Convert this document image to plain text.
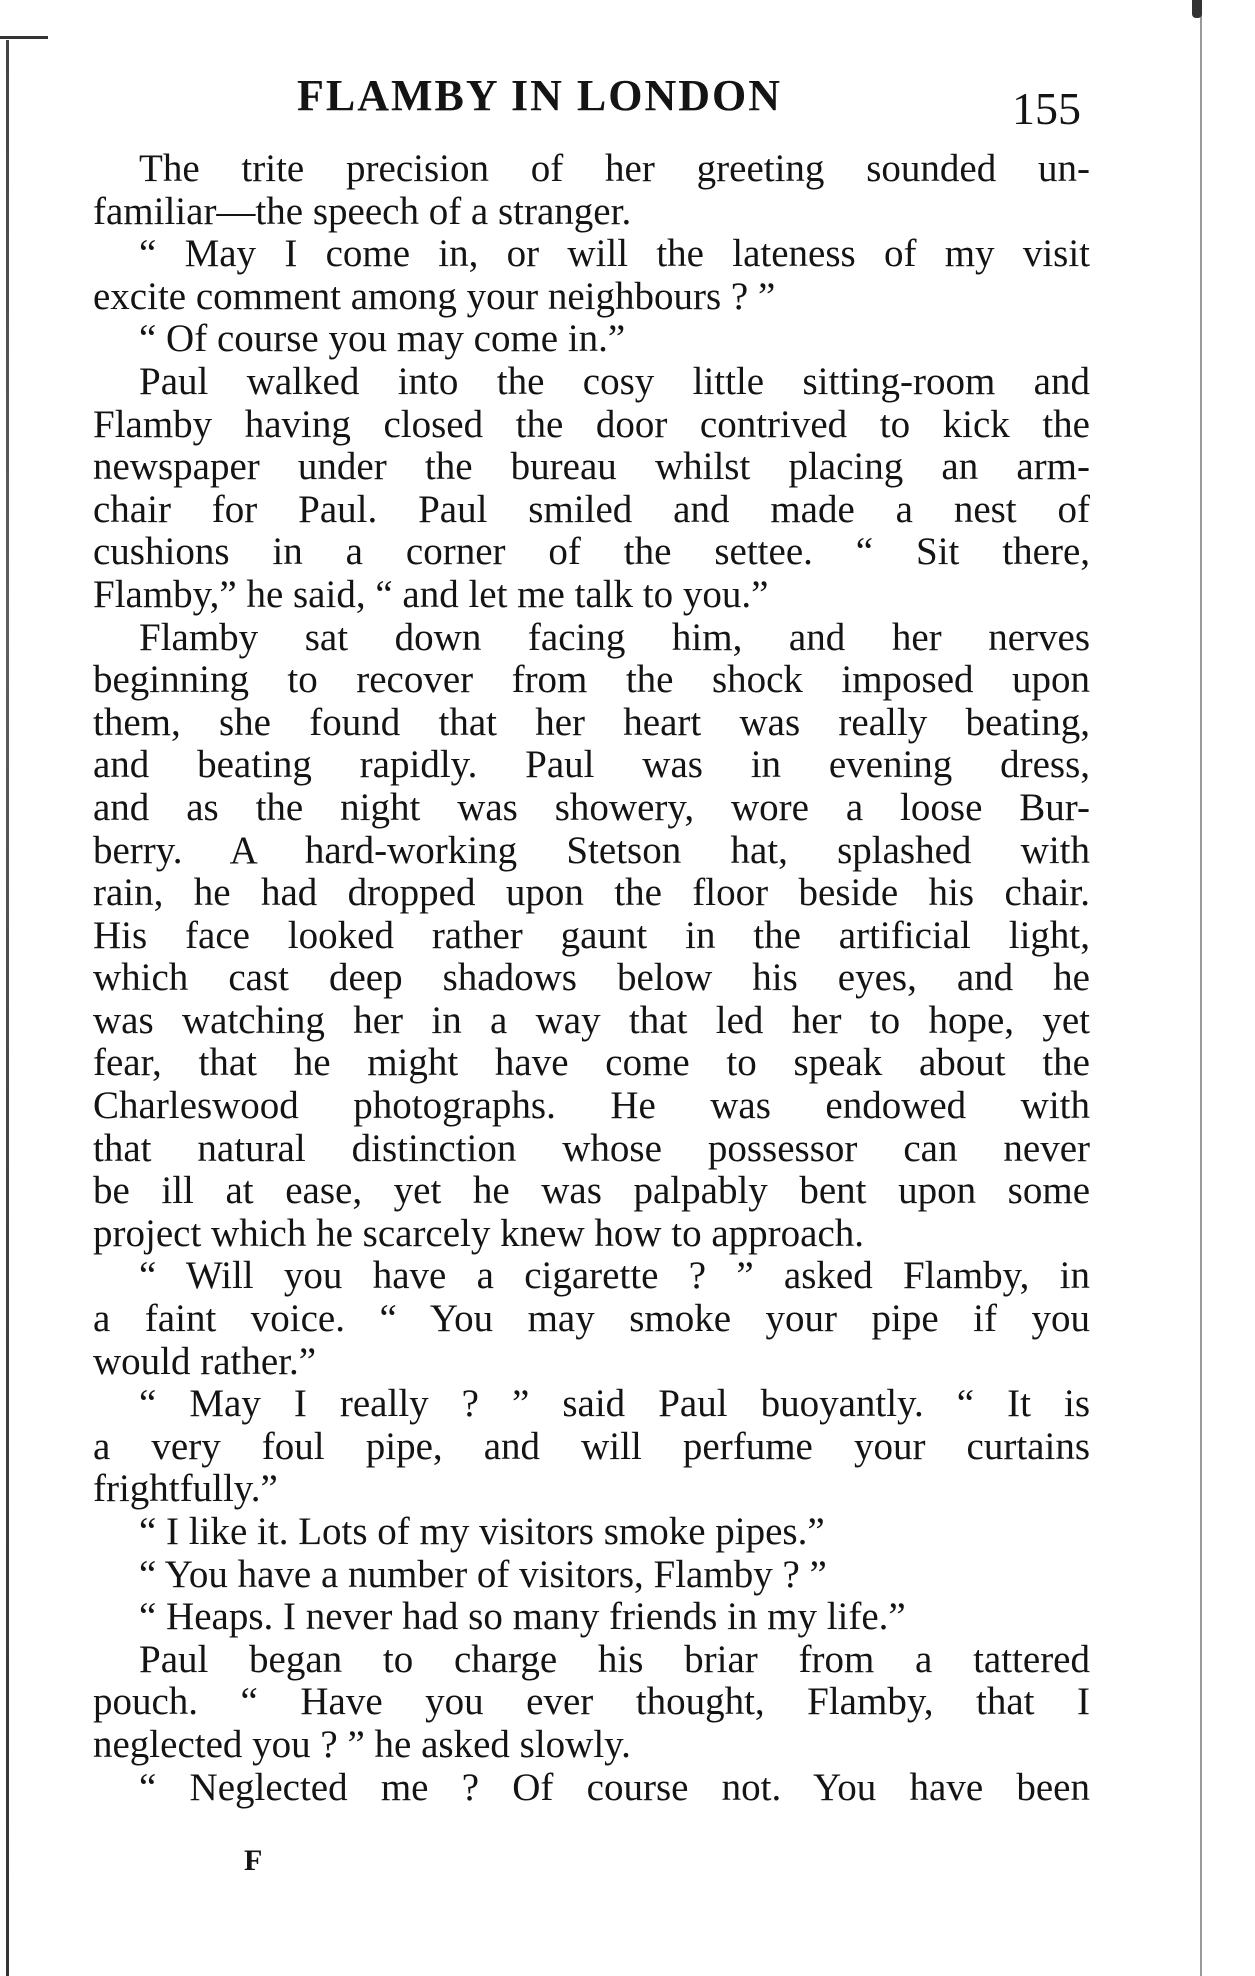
FLAMBY IN LONDON	155
The trite precision of her greeting sounded un-
familiar—the speech of a stranger.
“ May I come in, or will the lateness of my visit
excite comment among your neighbours ? ”
“ Of course you may come in.”
Paul walked into the cosy little sitting-room and
Flamby having closed the door contrived to kick the
newspaper under the bureau whilst placing an arm-
chair for Paul. Paul smiled and made a nest of
cushions in a corner of the settee. “ Sit there,
Flamby,” he said, “ and let me talk to you.”
Flamby sat down facing him, and her nerves
beginning to recover from the shock imposed upon
them, she found that her heart was really beating,
and beating rapidly. Paul was in evening dress,
and as the night was showery, wore a loose Bur-
berry. A hard-working Stetson hat, splashed with
rain, he had dropped upon the floor beside his chair.
His face looked rather gaunt in the artificial light,
which cast deep shadows below his eyes, and he
was watching her in a way that led her to hope, yet
fear, that he might have come to speak about the
Charleswood photographs. He was endowed with
that natural distinction whose possessor can never
be ill at ease, yet he was palpably bent upon some
project which he scarcely knew how to approach.
“ Will you have a cigarette ? ” asked Flamby, in
a faint voice. “ You may smoke your pipe if you
would rather.”
“ May I really ? ” said Paul buoyantly. “ It is
a very foul pipe, and will perfume your curtains
frightfully.”
“ I like it. Lots of my visitors smoke pipes.”
“ You have a number of visitors, Flamby ? ”
“ Heaps. I never had so many friends in my life.”
Paul began to charge his briar from a tattered
pouch. “ Have you ever thought, Flamby, that I
neglected you ? ” he asked slowly.
“ Neglected me ? Of course not. You have been
F
